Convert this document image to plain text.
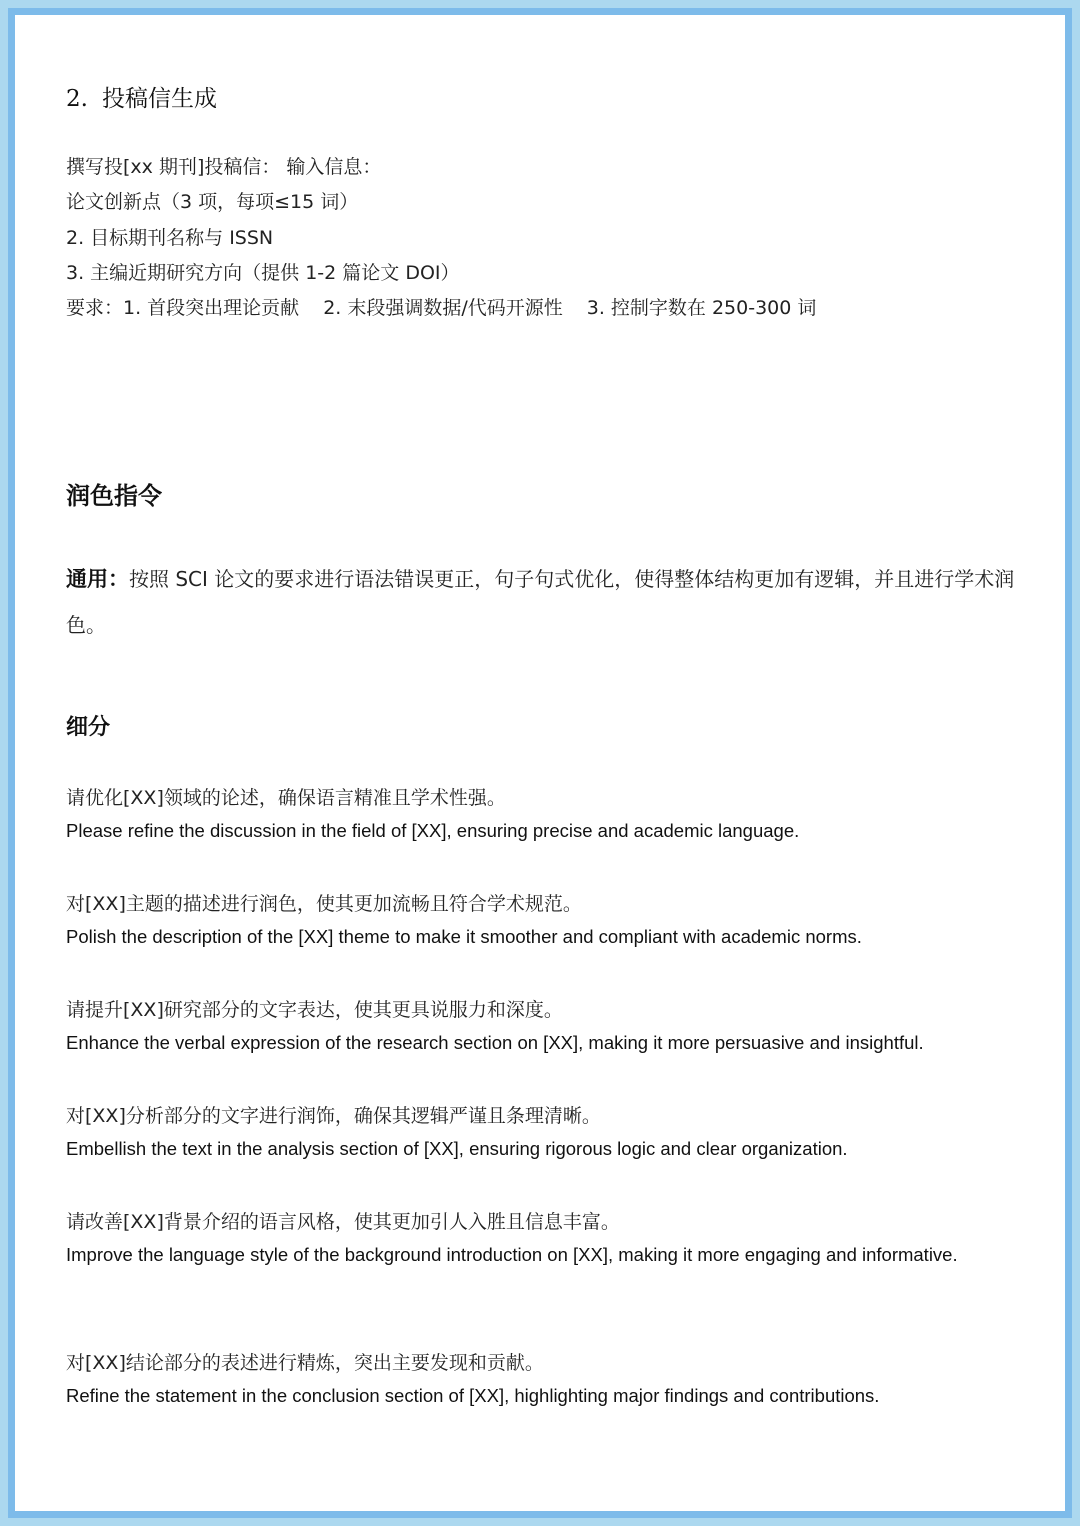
2. 投稿信生成
撰写投[xx 期刊]投稿信： 输入信息：
论文创新点（3 项，每项≤15 词）
2. 目标期刊名称与 ISSN
3. 主编近期研究方向（提供 1-2 篇论文 DOI）
要求：1. 首段突出理论贡献 2. 末段强调数据/代码开源性 3. 控制字数在 250-300 词
润色指令
通用：按照 SCI 论文的要求进行语法错误更正，句子句式优化，使得整体结构更加有逻辑，并且进行学术润色。
细分
请优化[XX]领域的论述，确保语言精准且学术性强。
Please refine the discussion in the field of [XX], ensuring precise and academic language.
对[XX]主题的描述进行润色，使其更加流畅且符合学术规范。
Polish the description of the [XX] theme to make it smoother and compliant with academic norms.
请提升[XX]研究部分的文字表达，使其更具说服力和深度。
Enhance the verbal expression of the research section on [XX], making it more persuasive and insightful.
对[XX]分析部分的文字进行润饰，确保其逻辑严谨且条理清晰。
Embellish the text in the analysis section of [XX], ensuring rigorous logic and clear organization.
请改善[XX]背景介绍的语言风格，使其更加引人入胜且信息丰富。
Improve the language style of the background introduction on [XX], making it more engaging and informative.
对[XX]结论部分的表述进行精炼，突出主要发现和贡献。
Refine the statement in the conclusion section of [XX], highlighting major findings and contributions.
